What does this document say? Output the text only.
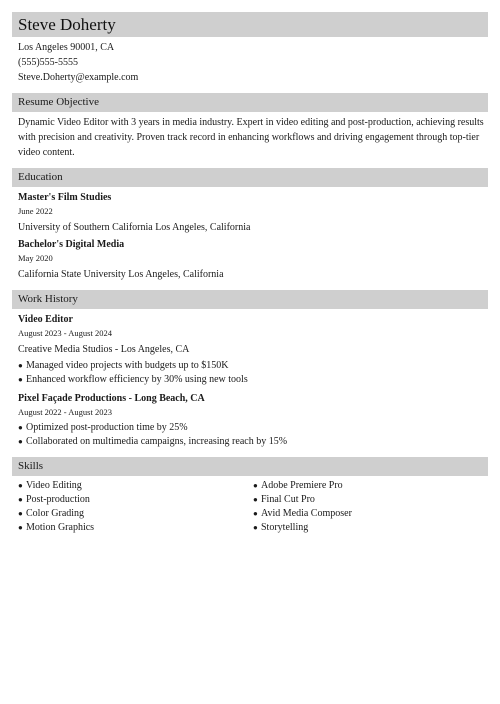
Steve Doherty
Los Angeles 90001, CA
(555)555-5555
Steve.Doherty@example.com
Resume Objective
Dynamic Video Editor with 3 years in media industry. Expert in video editing and post-production, achieving results with precision and creativity. Proven track record in enhancing workflows and driving engagement through top-tier video content.
Education
Master's Film Studies
June 2022
University of Southern California Los Angeles, California
Bachelor's Digital Media
May 2020
California State University Los Angeles, California
Work History
Video Editor
August 2023 - August 2024
Creative Media Studios - Los Angeles, CA
● Managed video projects with budgets up to $150K
● Enhanced workflow efficiency by 30% using new tools
Pixel Façade Productions - Long Beach, CA
August 2022 - August 2023
● Optimized post-production time by 25%
● Collaborated on multimedia campaigns, increasing reach by 15%
Skills
● Video Editing
● Post-production
● Color Grading
● Motion Graphics
● Adobe Premiere Pro
● Final Cut Pro
● Avid Media Composer
● Storytelling
